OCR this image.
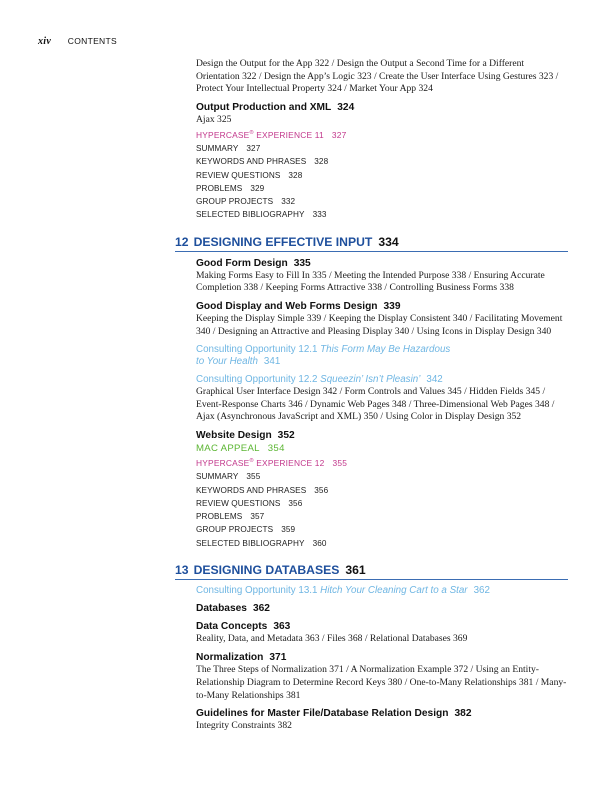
xiv CONTENTS
Design the Output for the App 322 / Design the Output a Second Time for a Different Orientation 322 / Design the App’s Logic 323 / Create the User Interface Using Gestures 323 / Protect Your Intellectual Property 324 / Market Your App 324
Output Production and XML 324
Ajax 325
HYPERCASE® EXPERIENCE 11 327
SUMMARY 327
KEYWORDS AND PHRASES 328
REVIEW QUESTIONS 328
PROBLEMS 329
GROUP PROJECTS 332
SELECTED BIBLIOGRAPHY 333
12 DESIGNING EFFECTIVE INPUT 334
Good Form Design 335
Making Forms Easy to Fill In 335 / Meeting the Intended Purpose 338 / Ensuring Accurate Completion 338 / Keeping Forms Attractive 338 / Controlling Business Forms 338
Good Display and Web Forms Design 339
Keeping the Display Simple 339 / Keeping the Display Consistent 340 / Facilitating Movement 340 / Designing an Attractive and Pleasing Display 340 / Using Icons in Display Design 340
Consulting Opportunity 12.1 This Form May Be Hazardous
to Your Health 341
Consulting Opportunity 12.2 Squeezin’ Isn’t Pleasin’ 342
Graphical User Interface Design 342 / Form Controls and Values 345 / Hidden Fields 345 / Event-Response Charts 346 / Dynamic Web Pages 348 / Three-Dimensional Web Pages 348 / Ajax (Asynchronous JavaScript and XML) 350 / Using Color in Display Design 352
Website Design 352
MAC APPEAL 354
HYPERCASE® EXPERIENCE 12 355
SUMMARY 355
KEYWORDS AND PHRASES 356
REVIEW QUESTIONS 356
PROBLEMS 357
GROUP PROJECTS 359
SELECTED BIBLIOGRAPHY 360
13 DESIGNING DATABASES 361
Consulting Opportunity 13.1 Hitch Your Cleaning Cart to a Star 362
Databases 362
Data Concepts 363
Reality, Data, and Metadata 363 / Files 368 / Relational Databases 369
Normalization 371
The Three Steps of Normalization 371 / A Normalization Example 372 / Using an Entity-Relationship Diagram to Determine Record Keys 380 / One-to-Many Relationships 381 / Many-to-Many Relationships 381
Guidelines for Master File/Database Relation Design 382
Integrity Constraints 382
